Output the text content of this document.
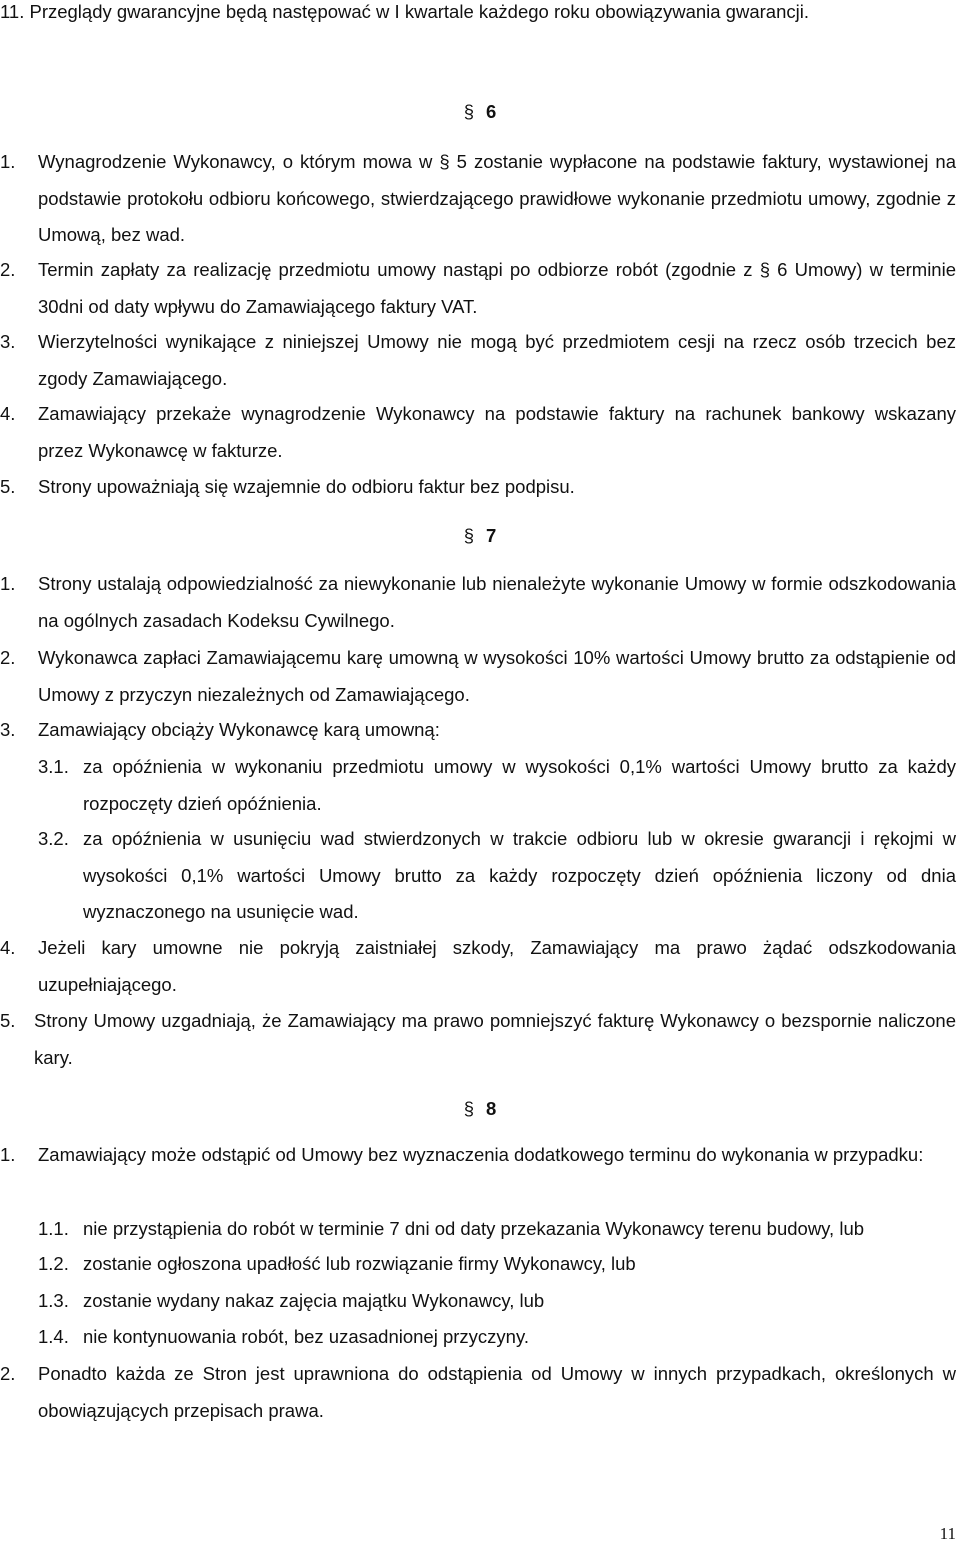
11. Przeglądy gwarancyjne będą następować w I kwartale każdego roku obowiązywania gwarancji.
§ 6
1. Wynagrodzenie Wykonawcy, o którym mowa w § 5 zostanie wypłacone na podstawie faktury, wystawionej na podstawie protokołu odbioru końcowego, stwierdzającego prawidłowe wykonanie przedmiotu umowy, zgodnie z Umową, bez wad.
2. Termin zapłaty za realizację przedmiotu umowy nastąpi po odbiorze robót (zgodnie z § 6 Umowy) w terminie 30dni od daty wpływu do Zamawiającego faktury VAT.
3. Wierzytelności wynikające z niniejszej Umowy nie mogą być przedmiotem cesji na rzecz osób trzecich bez zgody Zamawiającego.
4. Zamawiający przekaże wynagrodzenie Wykonawcy na podstawie faktury na rachunek bankowy wskazany przez Wykonawcę w fakturze.
5. Strony upoważniają się wzajemnie do odbioru faktur bez podpisu.
§ 7
1. Strony ustalają odpowiedzialność za niewykonanie lub nienależyte wykonanie Umowy w formie odszkodowania na ogólnych zasadach Kodeksu Cywilnego.
2. Wykonawca zapłaci Zamawiającemu karę umowną w wysokości 10% wartości Umowy brutto za odstąpienie od Umowy z przyczyn niezależnych od Zamawiającego.
3. Zamawiający obciąży Wykonawcę karą umowną:
3.1. za opóźnienia w wykonaniu przedmiotu umowy w wysokości 0,1% wartości Umowy brutto za każdy rozpoczęty dzień opóźnienia.
3.2. za opóźnienia w usunięciu wad stwierdzonych w trakcie odbioru lub w okresie gwarancji i rękojmi w wysokości 0,1% wartości Umowy brutto za każdy rozpoczęty dzień opóźnienia liczony od dnia wyznaczonego na usunięcie wad.
4. Jeżeli kary umowne nie pokryją zaistniałej szkody, Zamawiający ma prawo żądać odszkodowania uzupełniającego.
5. Strony Umowy uzgadniają, że Zamawiający ma prawo pomniejszyć fakturę Wykonawcy o bezspornie naliczone kary.
§ 8
1. Zamawiający może odstąpić od Umowy bez wyznaczenia dodatkowego terminu do wykonania w przypadku:
1.1. nie przystąpienia do robót w terminie 7 dni od daty przekazania Wykonawcy terenu budowy, lub
1.2. zostanie ogłoszona upadłość lub rozwiązanie firmy Wykonawcy, lub
1.3. zostanie wydany nakaz zajęcia majątku Wykonawcy, lub
1.4. nie kontynuowania robót, bez uzasadnionej przyczyny.
2. Ponadto każda ze Stron jest uprawniona do odstąpienia od Umowy w innych przypadkach, określonych w obowiązujących przepisach prawa.
11
